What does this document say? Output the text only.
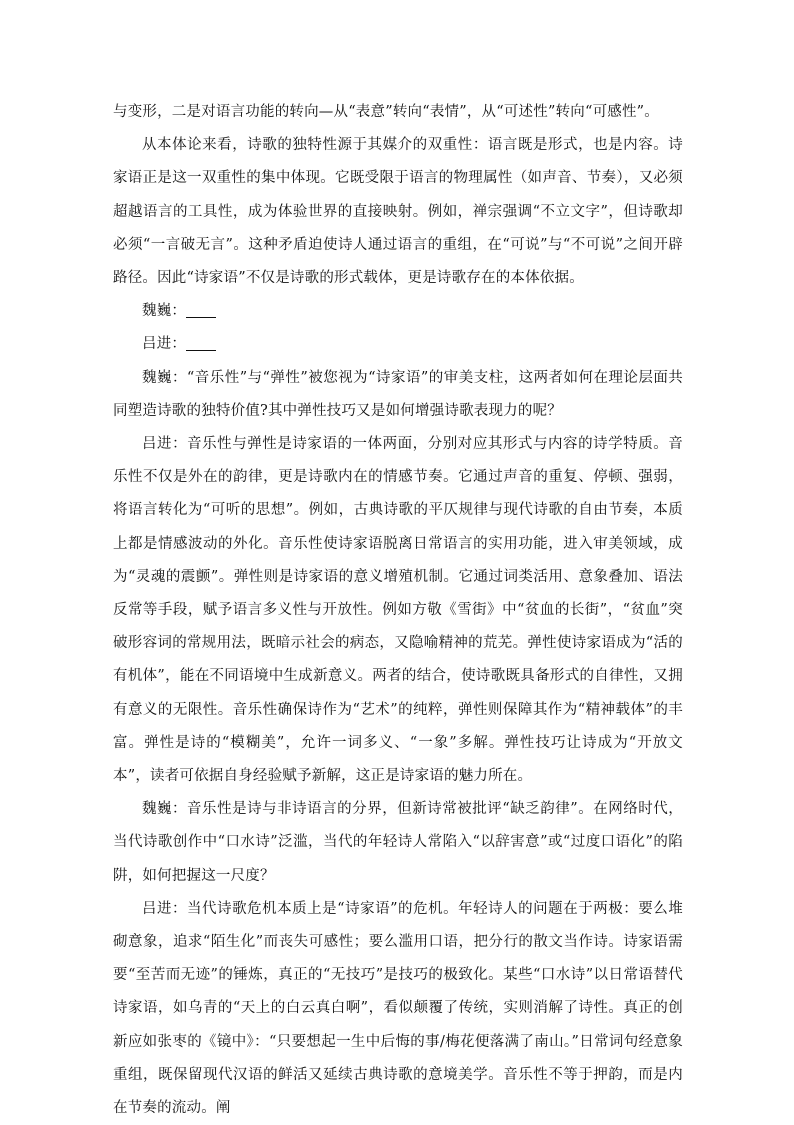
与变形，二是对语言功能的转向—从“表意”转向“表情”，从“可述性”转向“可感性”。

从本体论来看，诗歌的独特性源于其媒介的双重性：语言既是形式，也是内容。诗家语正是这一双重性的集中体现。它既受限于语言的物理属性（如声音、节奏），又必须超越语言的工具性，成为体验世界的直接映射。例如，禅宗强调“不立文字”，但诗歌却必须“一言破无言”。这种矛盾迫使诗人通过语言的重组，在“可说”与“不可说”之间开辟路径。因此“诗家语”不仅是诗歌的形式载体，更是诗歌存在的本体依据。

魏巍：

吕进：

魏巍：“音乐性”与“弹性”被您视为“诗家语”的审美支柱，这两者如何在理论层面共同塑造诗歌的独特价值?其中弹性技巧又是如何增强诗歌表现力的呢？

吕进：音乐性与弹性是诗家语的一体两面，分别对应其形式与内容的诗学特质。音乐性不仅是外在的韵律，更是诗歌内在的情感节奏。它通过声音的重复、停顿、强弱，将语言转化为“可听的思想”。例如，古典诗歌的平仄规律与现代诗歌的自由节奏，本质上都是情感波动的外化。音乐性使诗家语脱离日常语言的实用功能，进入审美领域，成为“灵魂的震颤”。弹性则是诗家语的意义增殖机制。它通过词类活用、意象叠加、语法反常等手段，赋予语言多义性与开放性。例如方敬《雪街》中“贫血的长街”，“贫血”突破形容词的常规用法，既暗示社会的病态，又隐喻精神的荒芜。弹性使诗家语成为“活的有机体”，能在不同语境中生成新意义。两者的结合，使诗歌既具备形式的自律性，又拥有意义的无限性。音乐性确保诗作为“艺术”的纯粹，弹性则保障其作为“精神载体”的丰富。弹性是诗的“模糊美”，允许一词多义、“一象”多解。弹性技巧让诗成为“开放文本”，读者可依据自身经验赋予新解，这正是诗家语的魅力所在。

魏巍：音乐性是诗与非诗语言的分界，但新诗常被批评“缺乏韵律”。在网络时代，当代诗歌创作中“口水诗”泛滥，当代的年轻诗人常陷入“以辞害意”或“过度口语化”的陷阱，如何把握这一尺度？

吕进：当代诗歌危机本质上是“诗家语”的危机。年轻诗人的问题在于两极：要么堆砌意象，追求“陌生化”而丧失可感性；要么滥用口语，把分行的散文当作诗。诗家语需要“至苦而无迹”的锤炼，真正的“无技巧”是技巧的极致化。某些“口水诗”以日常语替代诗家语，如乌青的“天上的白云真白啊”，看似颠覆了传统，实则消解了诗性。真正的创新应如张枣的《镜中》：“只要想起一生中后悔的事/梅花便落满了南山。”日常词句经意象重组，既保留现代汉语的鲜活又延续古典诗歌的意境美学。音乐性不等于押韵，而是内在节奏的流动。阐
